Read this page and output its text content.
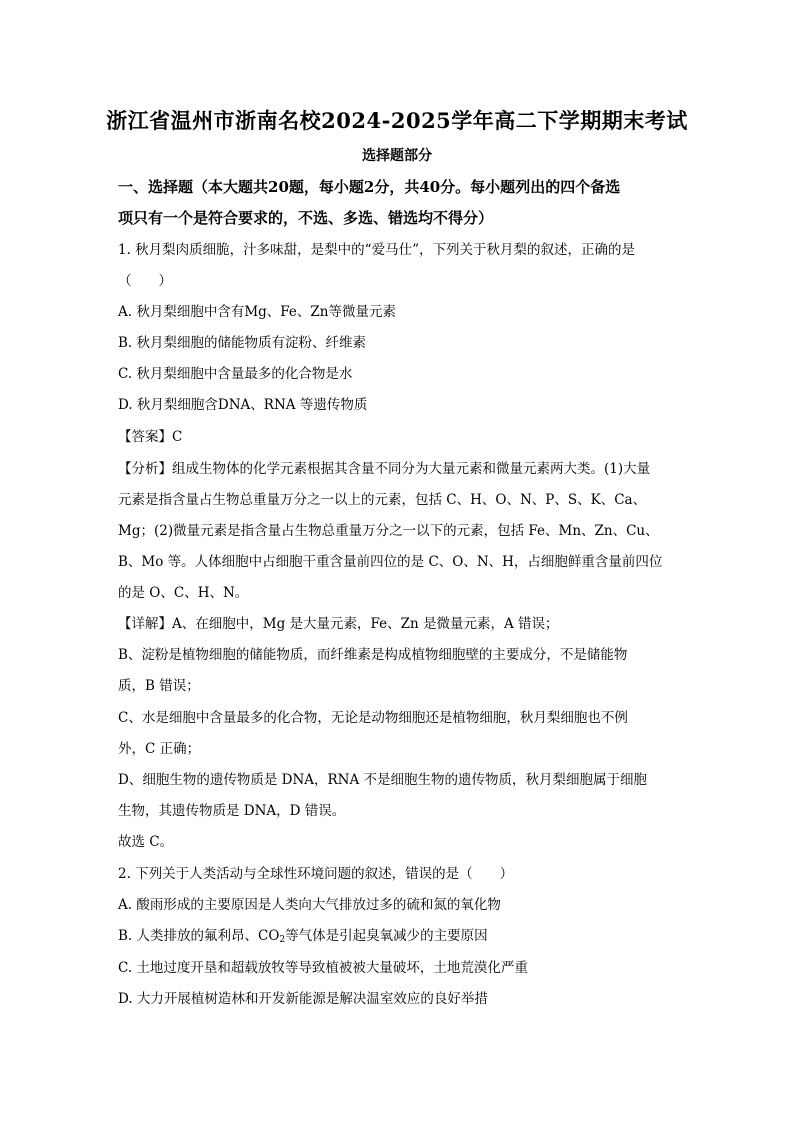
浙江省温州市浙南名校2024-2025学年高二下学期期末考试
选择题部分
一、选择题（本大题共20题，每小题2分，共40分。每小题列出的四个备选
项只有一个是符合要求的，不选、多选、错选均不得分）
1. 秋月梨肉质细脆，汁多味甜，是梨中的“爱马仕”，下列关于秋月梨的叙述，正确的是
（　　）
A. 秋月梨细胞中含有Mg、Fe、Zn等微量元素
B. 秋月梨细胞的储能物质有淀粉、纤维素
C. 秋月梨细胞中含量最多的化合物是水
D. 秋月梨细胞含DNA、RNA 等遗传物质
【答案】C
【分析】组成生物体的化学元素根据其含量不同分为大量元素和微量元素两大类。(1)大量
元素是指含量占生物总重量万分之一以上的元素，包括 C、H、O、N、P、S、K、Ca、
Mg；(2)微量元素是指含量占生物总重量万分之一以下的元素，包括 Fe、Mn、Zn、Cu、
B、Mo 等。人体细胞中占细胞干重含量前四位的是 C、O、N、H，占细胞鲜重含量前四位
的是 O、C、H、N。
【详解】A、在细胞中，Mg 是大量元素，Fe、Zn 是微量元素，A 错误；
B、淀粉是植物细胞的储能物质，而纤维素是构成植物细胞壁的主要成分，不是储能物
质，B 错误；
C、水是细胞中含量最多的化合物，无论是动物细胞还是植物细胞，秋月梨细胞也不例
外，C 正确；
D、细胞生物的遗传物质是 DNA，RNA 不是细胞生物的遗传物质，秋月梨细胞属于细胞
生物，其遗传物质是 DNA，D 错误。
故选 C。
2. 下列关于人类活动与全球性环境问题的叙述，错误的是（　　）
A. 酸雨形成的主要原因是人类向大气排放过多的硫和氮的氧化物
B. 人类排放的氟利昂、$CO_2$等气体是引起臭氧减少的主要原因
C. 土地过度开垦和超载放牧等导致植被被大量破坏，土地荒漠化严重
D. 大力开展植树造林和开发新能源是解决温室效应的良好举措
